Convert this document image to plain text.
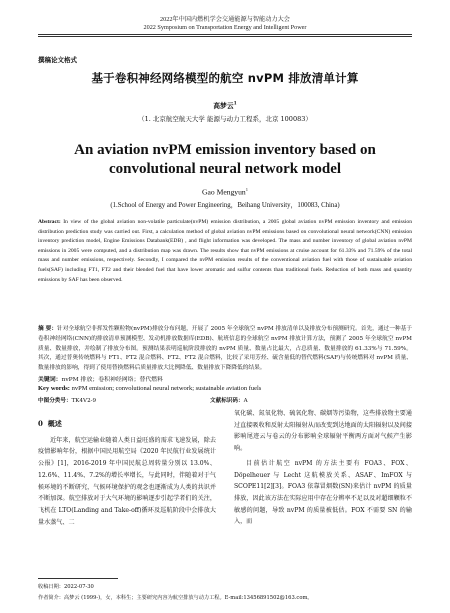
2022年中国内燃机学会交通能源与智能动力大会
2022 Symposium on Transportation Energy and Intelligent Power
撰稿论文格式
基于卷积神经网络模型的航空 nvPM 排放清单计算
高梦云$^1$
（1. 北京航空航天大学 能源与动力工程系，北京 100083）
An aviation nvPM emission inventory based on convolutional neural network model
Gao Mengyun$^1$
(1.School of Energy and Power Engineering，Beihang University，100083, China)
Abstract: In view of the global aviation non-volatile particulate(nvPM) emission distribution, a 2005 global aviation nvPM emission inventory and emission distribution prediction study was carried out. First, a calculation method of global aviation nvPM emissions based on convolutional neural network(CNN) emission inventory prediction model, Engine Emissions Databank(EDB) , and flight information was developed. The mass and number inventory of global aviation nvPM emissions in 2005 were computed, and a distribution map was drawn. The results show that nvPM emissions at cruise account for 61.33% and 71.59% of the total mass and number emissions, respectively. Secondly, I compared the nvPM emission results of the conventional aviation fuel with those of sustainable aviation fuels(SAF) including FT1, FT2 and their blended fuel that have lower aromatic and sulfur contents than traditional fuels. Reduction of both mass and quantity emissions by SAF has been observed.
摘 要：针对全球航空非挥发性颗粒物(nvPM)排放分布问题，开展了 2005 年全球航空 nvPM 排放清单以及排放分布预测研究。首先，通过一种基于卷积神经网络(CNN)的排放清单预测模型、发动机排放数据库(EDB)、航班信息的全球航空 nvPM 排放计算方法，预测了 2005 年全球航空 nvPM 质量、数量排放，并绘制了排放分布图。预测结果表明巡航阶段排放的 nvPM 质量、数量占比最大，占总质量、数量排放的 61.33%与 71.59%。其次，通过普奥传统燃料与 FT1、FT2 混合燃料、FT2、FT2 混合燃料，比较了采用芳烃、硫含量低的替代燃料(SAF)与传统燃料对 nvPM 质量、数量排放的影响，得到了使用替换燃料后质量排放大比例降低、数量排放下降降低的结果。
关键词：nvPM 排放；卷积神经网络；替代燃料
Key words: nvPM emission; convolutional neural network; sustainable aviation fuels
中图分类号：TK4V2-9	文献标识码：A
0 概述

近年来，航空运输业随着人类日益旺盛的需求飞速发展，除去疫情影响年份，根据中国民用航空局《2020 年民航行业发展统计公报》[1]，2016-2019 年中国民航总周转量分别以 13.0%、12.6%、11.4%、7.2%的增长率增长，与此同时，伴随着对于气候环境的不断研究，气候环境保护的观念也逐渐成为人类的共识并不断加深。航空排放对于大气环境的影响逐步引起学者们的关注，飞机在 LTO(Landing and Take-off)循环及巡航阶段中会排放大量水蒸气、二

氧化碳、氮氧化物、硫氧化物、碳烟等污染物，这些排放物主要通过直接吸收和反射太阳辐射从而改变到达地面的太阳辐射以及间接影响尾迹云与卷云的分布影响全球辐射平衡两方面对气候产生影响。

目前估计航空 nvPM 的方法主要有 FOA3、FOX、Döpelheuer 与 Lecht 这航模放关系、ASAF、ImFOX 与 SCOPE11[2][3]。FOA3 依靠冒烟数(SN)来估计 nvPM 的质量排放，因此该方法在实际应用中存在分辨率不足以及对超细颗粒不敏感的问题，导致 nvPM 的质量被低估。FOX 不需要 SN 的输入，而

收稿日期：2022-07-30
作者简介：高梦云 (1999-)，女，本科生；主要研究内容为航空排放与动力工程。E-mail:13456891502@163.com。
